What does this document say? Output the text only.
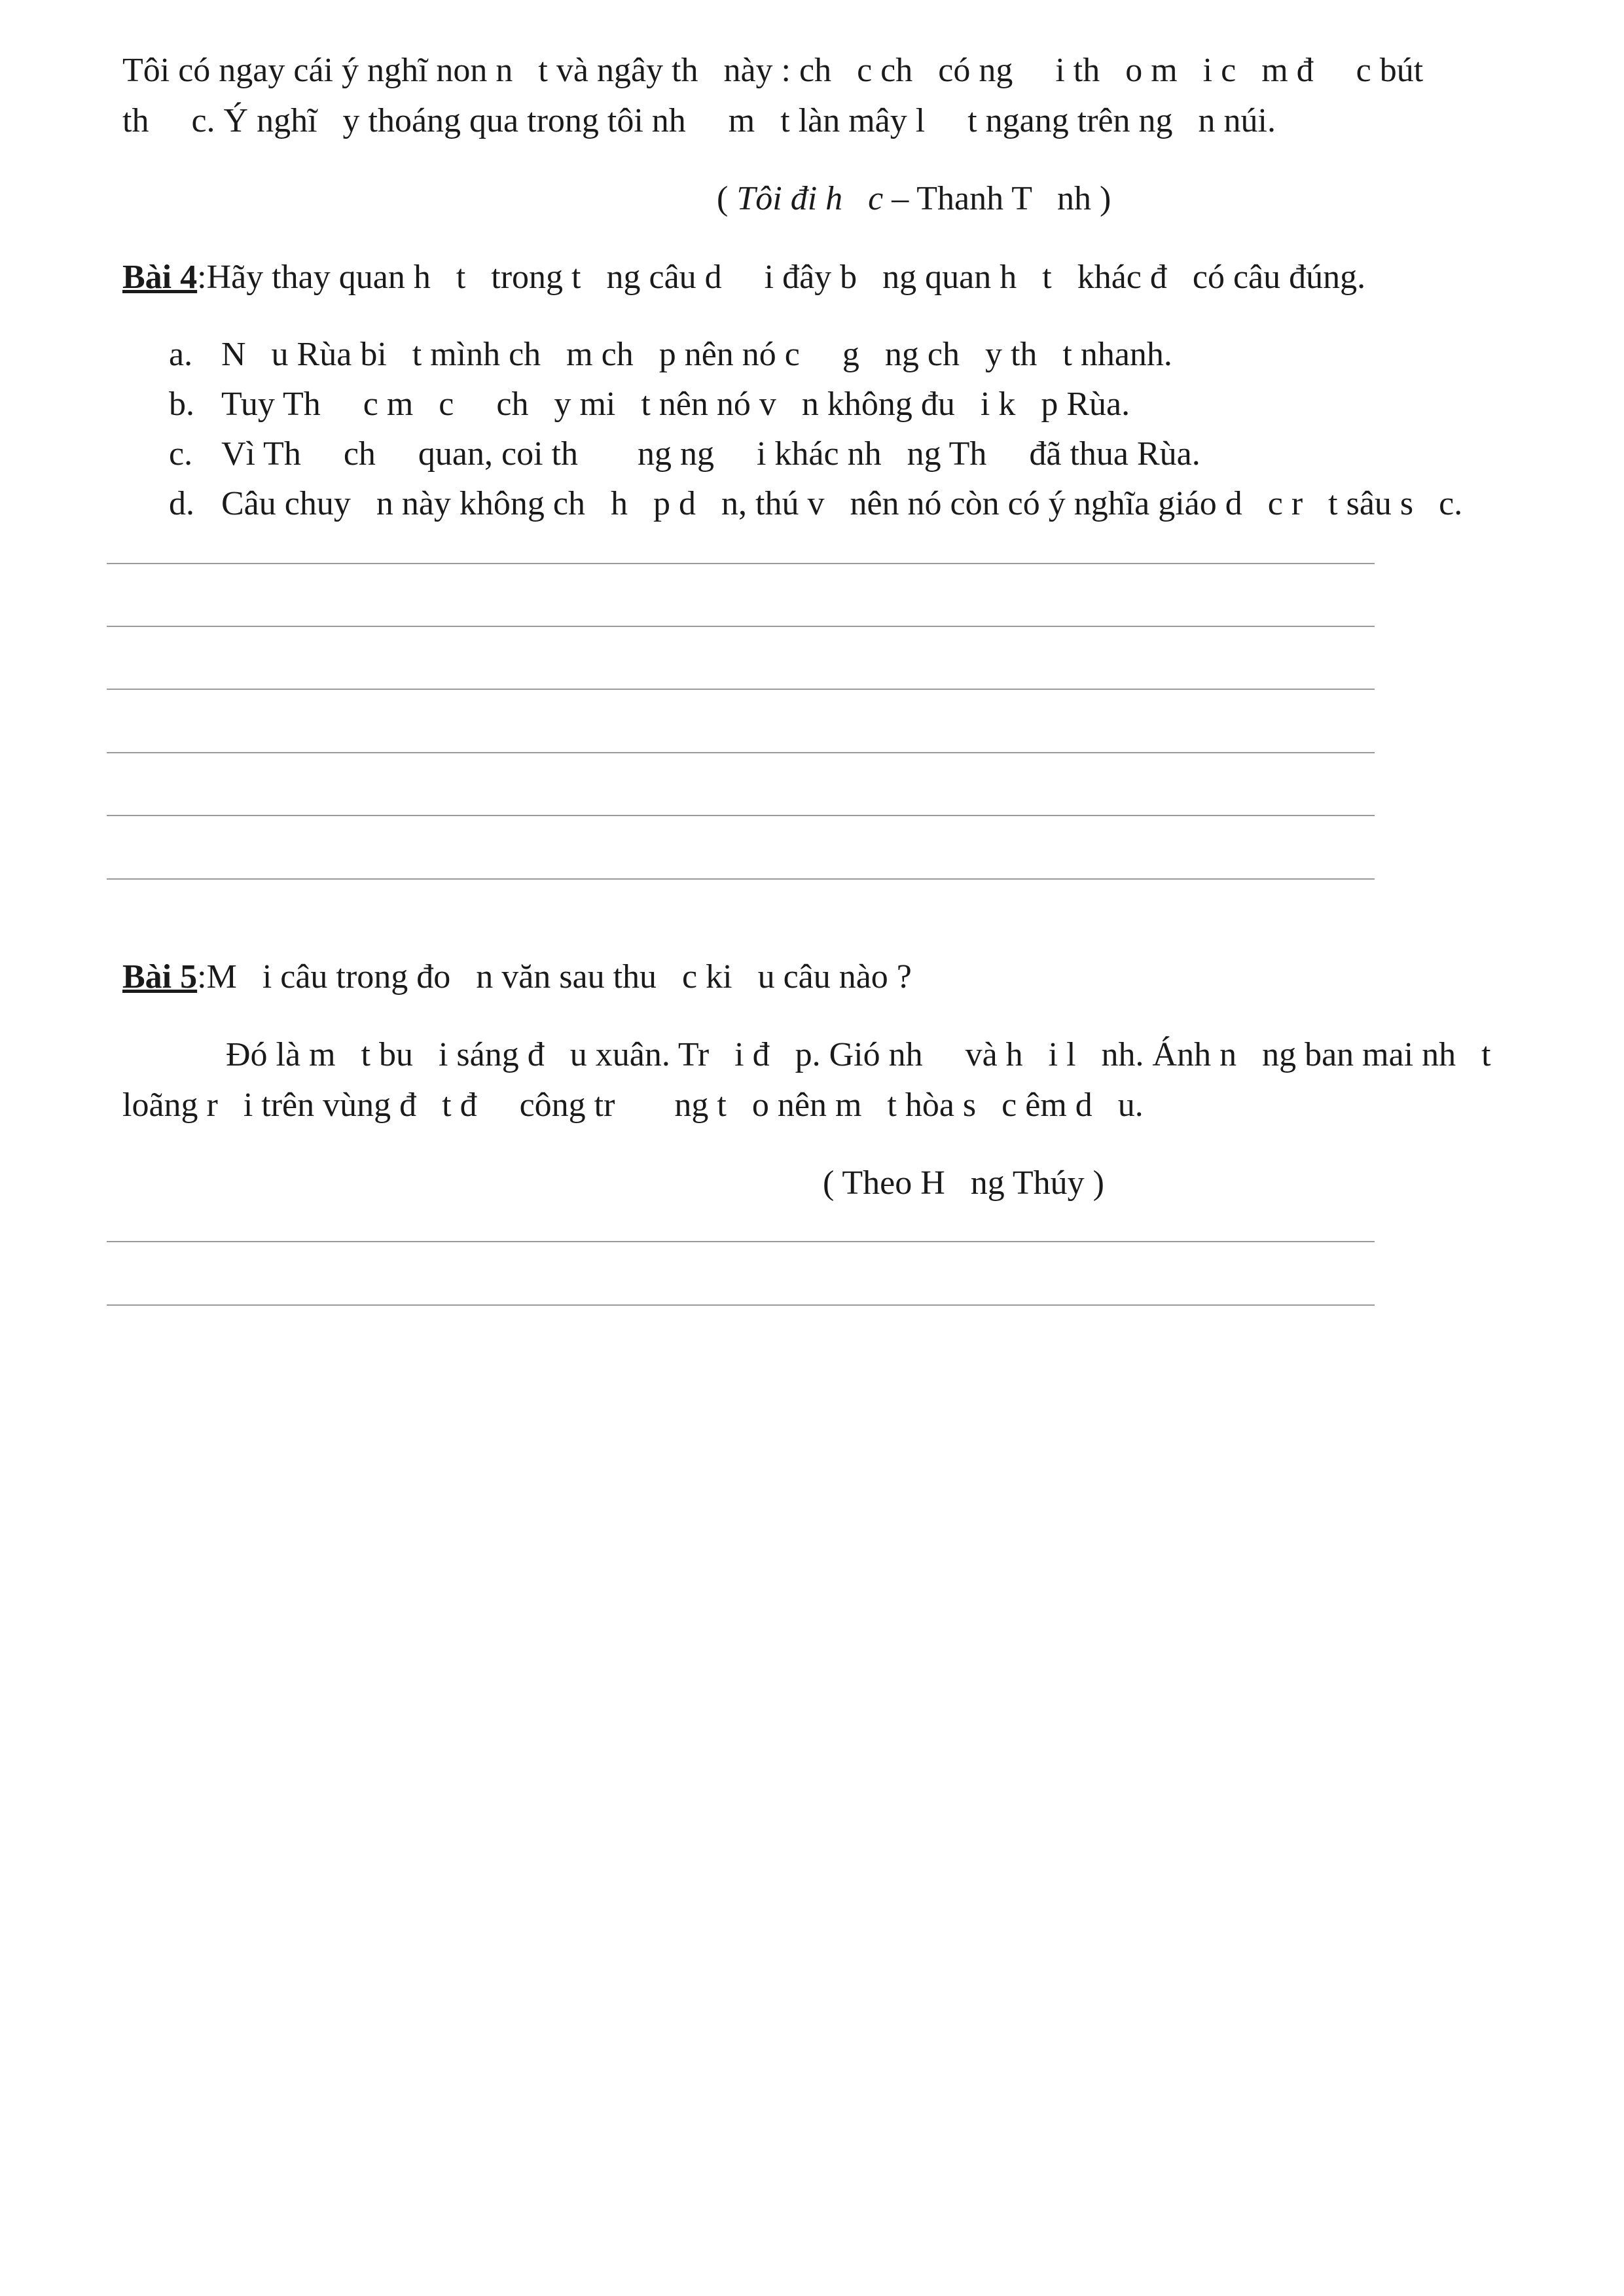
Tôi có ngay cái ý nghĩ non n   t và ngây th   này : ch   c ch   có ng     i th   o m   i c   m đ     c bút

th     c. Ý nghĩ   y thoáng qua trong tôi nh     m   t làn mây l     t ngang trên ng   n núi.

( Tôi đi h   c – Thanh T   nh )

Bài 4:Hãy thay quan h   t   trong t   ng câu d     i đây b   ng quan h   t   khác đ   có câu đúng.

a. N   u Rùa bi   t mình ch   m ch   p nên nó c     g   ng ch   y th   t nhanh.

b. Tuy Th     c m   c     ch   y mi   t nên nó v   n không đu   i k   p Rùa.

c. Vì Th     ch     quan, coi th       ng ng     i khác nh   ng Th     đã thua Rùa.

d. Câu chuy   n này không ch   h   p d   n, thú v   nên nó còn có ý nghĩa giáo d   c r   t sâu s   c.

Bài 5:M   i câu trong đo   n văn sau thu   c ki   u câu nào ?

Đó là m   t bu   i sáng đ   u xuân. Tr   i đ   p. Gió nh     và h   i l   nh. Ánh n   ng ban mai nh   t

loãng r   i trên vùng đ   t đ     công tr       ng t   o nên m   t hòa s   c êm d   u.

( Theo H   ng Thúy )
